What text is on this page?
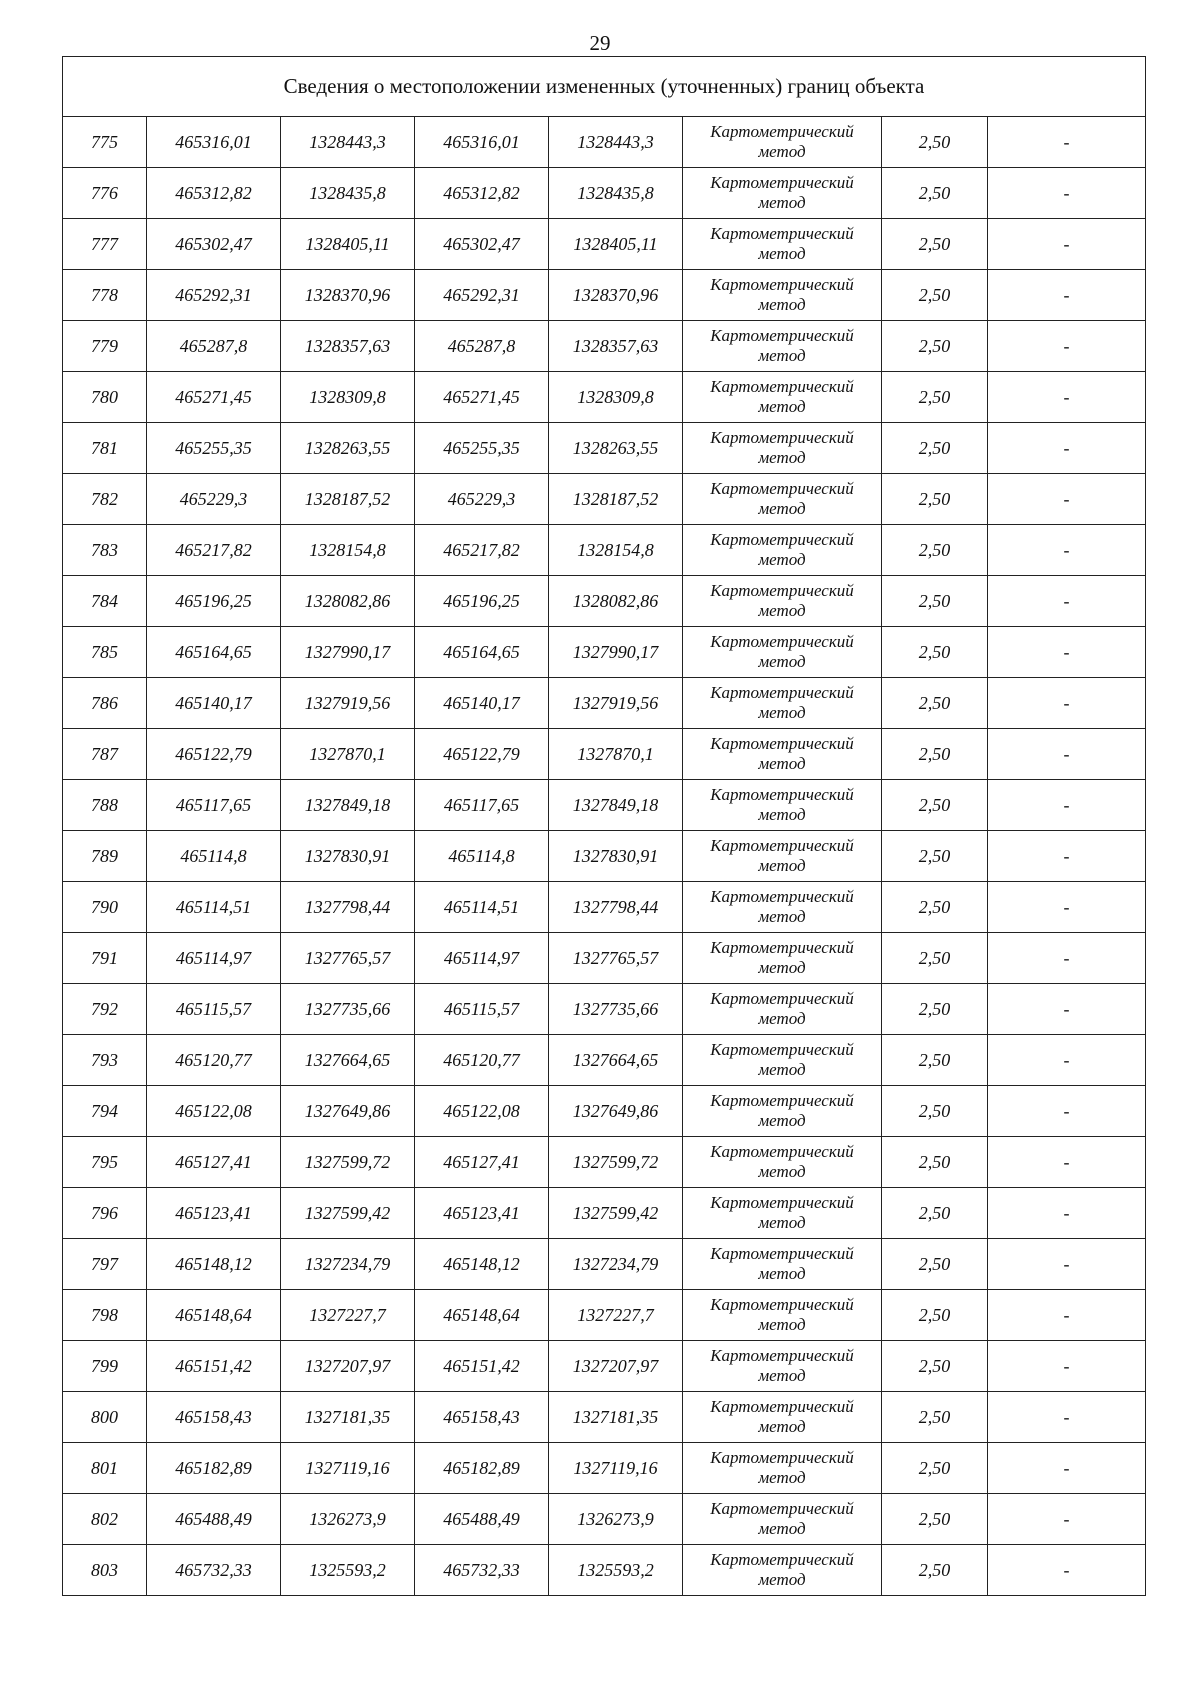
29
Сведения о местоположении измененных (уточненных) границ объекта							
775	465316,01	1328443,3	465316,01	1328443,3	Картометрический
метод	2,50	-
776	465312,82	1328435,8	465312,82	1328435,8	Картометрический
метод	2,50	-
777	465302,47	1328405,11	465302,47	1328405,11	Картометрический
метод	2,50	-
778	465292,31	1328370,96	465292,31	1328370,96	Картометрический
метод	2,50	-
779	465287,8	1328357,63	465287,8	1328357,63	Картометрический
метод	2,50	-
780	465271,45	1328309,8	465271,45	1328309,8	Картометрический
метод	2,50	-
781	465255,35	1328263,55	465255,35	1328263,55	Картометрический
метод	2,50	-
782	465229,3	1328187,52	465229,3	1328187,52	Картометрический
метод	2,50	-
783	465217,82	1328154,8	465217,82	1328154,8	Картометрический
метод	2,50	-
784	465196,25	1328082,86	465196,25	1328082,86	Картометрический
метод	2,50	-
785	465164,65	1327990,17	465164,65	1327990,17	Картометрический
метод	2,50	-
786	465140,17	1327919,56	465140,17	1327919,56	Картометрический
метод	2,50	-
787	465122,79	1327870,1	465122,79	1327870,1	Картометрический
метод	2,50	-
788	465117,65	1327849,18	465117,65	1327849,18	Картометрический
метод	2,50	-
789	465114,8	1327830,91	465114,8	1327830,91	Картометрический
метод	2,50	-
790	465114,51	1327798,44	465114,51	1327798,44	Картометрический
метод	2,50	-
791	465114,97	1327765,57	465114,97	1327765,57	Картометрический
метод	2,50	-
792	465115,57	1327735,66	465115,57	1327735,66	Картометрический
метод	2,50	-
793	465120,77	1327664,65	465120,77	1327664,65	Картометрический
метод	2,50	-
794	465122,08	1327649,86	465122,08	1327649,86	Картометрический
метод	2,50	-
795	465127,41	1327599,72	465127,41	1327599,72	Картометрический
метод	2,50	-
796	465123,41	1327599,42	465123,41	1327599,42	Картометрический
метод	2,50	-
797	465148,12	1327234,79	465148,12	1327234,79	Картометрический
метод	2,50	-
798	465148,64	1327227,7	465148,64	1327227,7	Картометрический
метод	2,50	-
799	465151,42	1327207,97	465151,42	1327207,97	Картометрический
метод	2,50	-
800	465158,43	1327181,35	465158,43	1327181,35	Картометрический
метод	2,50	-
801	465182,89	1327119,16	465182,89	1327119,16	Картометрический
метод	2,50	-
802	465488,49	1326273,9	465488,49	1326273,9	Картометрический
метод	2,50	-
803	465732,33	1325593,2	465732,33	1325593,2	Картометрический
метод	2,50	-
